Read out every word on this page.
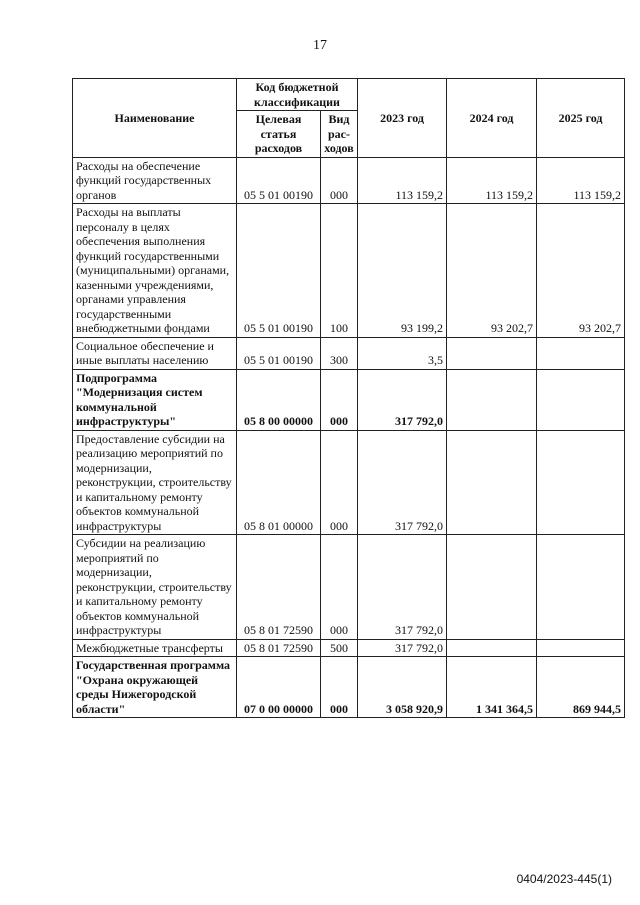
17
Наименование	Код бюджетной классификации		2023 год	2024 год	2025 год
	Целевая статья расходов	Вид рас-ходов			
Расходы на обеспечение функций государственных органов	05 5 01 00190	000	113 159,2	113 159,2	113 159,2
Расходы на выплаты персоналу в целях обеспечения выполнения функций государственными (муниципальными) органами, казенными учреждениями, органами управления государственными внебюджетными фондами	05 5 01 00190	100	93 199,2	93 202,7	93 202,7
Социальное обеспечение и иные выплаты населению	05 5 01 00190	300	3,5		
Подпрограмма "Модернизация систем коммунальной инфраструктуры"	05 8 00 00000	000	317 792,0		
Предоставление субсидии на реализацию мероприятий по модернизации, реконструкции, строительству и капитальному ремонту объектов коммунальной инфраструктуры	05 8 01 00000	000	317 792,0		
Субсидии на реализацию мероприятий по модернизации, реконструкции, строительству и капитальному ремонту объектов коммунальной инфраструктуры	05 8 01 72590	000	317 792,0		
Межбюджетные трансферты	05 8 01 72590	500	317 792,0		
Государственная программа "Охрана окружающей среды Нижегородской области"	07 0 00 00000	000	3 058 920,9	1 341 364,5	869 944,5
0404/2023-445(1)
